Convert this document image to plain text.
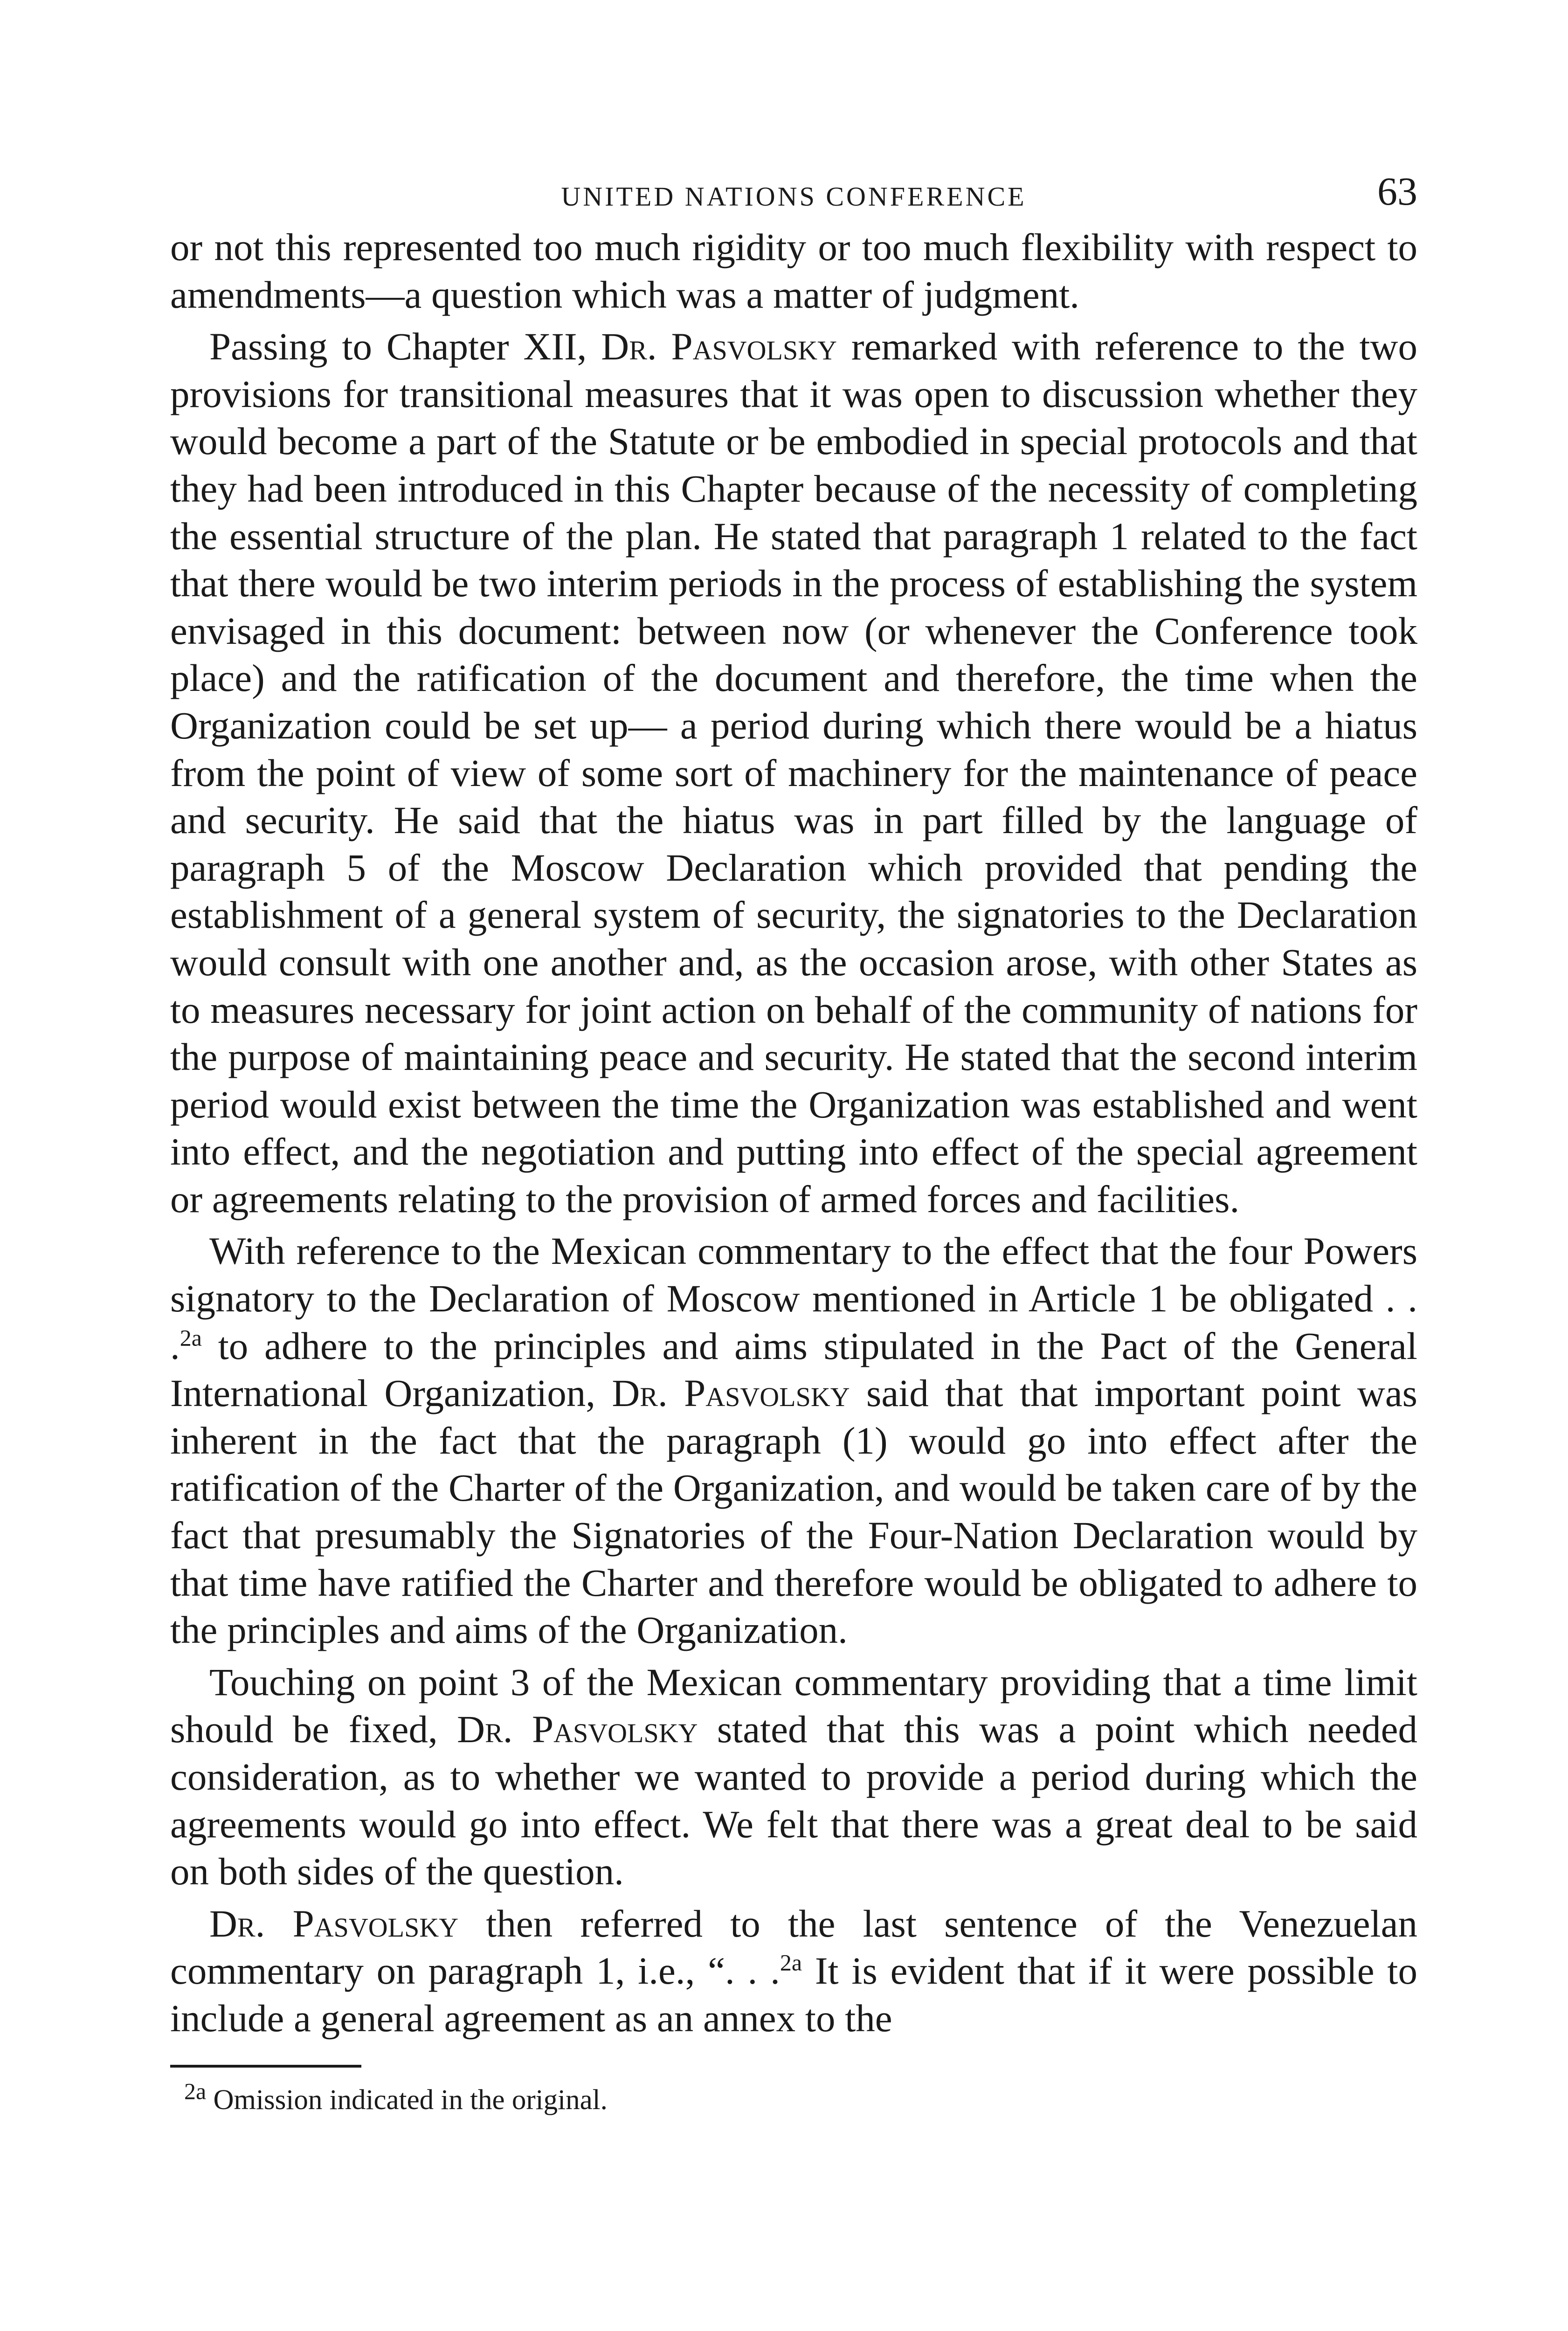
UNITED NATIONS CONFERENCE	63

or not this represented too much rigidity or too much flexibility with respect to amendments—a question which was a matter of judgment.

Passing to Chapter XII, Dr. Pasvolsky remarked with reference to the two provisions for transitional measures that it was open to discussion whether they would become a part of the Statute or be embodied in special protocols and that they had been introduced in this Chapter because of the necessity of completing the essential structure of the plan. He stated that paragraph 1 related to the fact that there would be two interim periods in the process of establishing the system envisaged in this document: between now (or whenever the Conference took place) and the ratification of the document and therefore, the time when the Organization could be set up— a period during which there would be a hiatus from the point of view of some sort of machinery for the maintenance of peace and security. He said that the hiatus was in part filled by the language of paragraph 5 of the Moscow Declaration which provided that pending the establishment of a general system of security, the signatories to the Declaration would consult with one another and, as the occasion arose, with other States as to measures necessary for joint action on behalf of the community of nations for the purpose of maintaining peace and security. He stated that the second interim period would exist between the time the Organization was established and went into effect, and the negotiation and putting into effect of the special agreement or agreements relating to the provision of armed forces and facilities.

With reference to the Mexican commentary to the effect that the four Powers signatory to the Declaration of Moscow mentioned in Article 1 be obligated . . .$^{2a}$ to adhere to the principles and aims stipulated in the Pact of the General International Organization, Dr. Pasvolsky said that that important point was inherent in the fact that the paragraph (1) would go into effect after the ratification of the Charter of the Organization, and would be taken care of by the fact that presumably the Signatories of the Four-Nation Declaration would by that time have ratified the Charter and therefore would be obligated to adhere to the principles and aims of the Organization.

Touching on point 3 of the Mexican commentary providing that a time limit should be fixed, Dr. Pasvolsky stated that this was a point which needed consideration, as to whether we wanted to provide a period during which the agreements would go into effect. We felt that there was a great deal to be said on both sides of the question.

Dr. Pasvolsky then referred to the last sentence of the Venezuelan commentary on paragraph 1, i.e., “. . .$^{2a}$ It is evident that if it were possible to include a general agreement as an annex to the

$^{2a}$ Omission indicated in the original.
